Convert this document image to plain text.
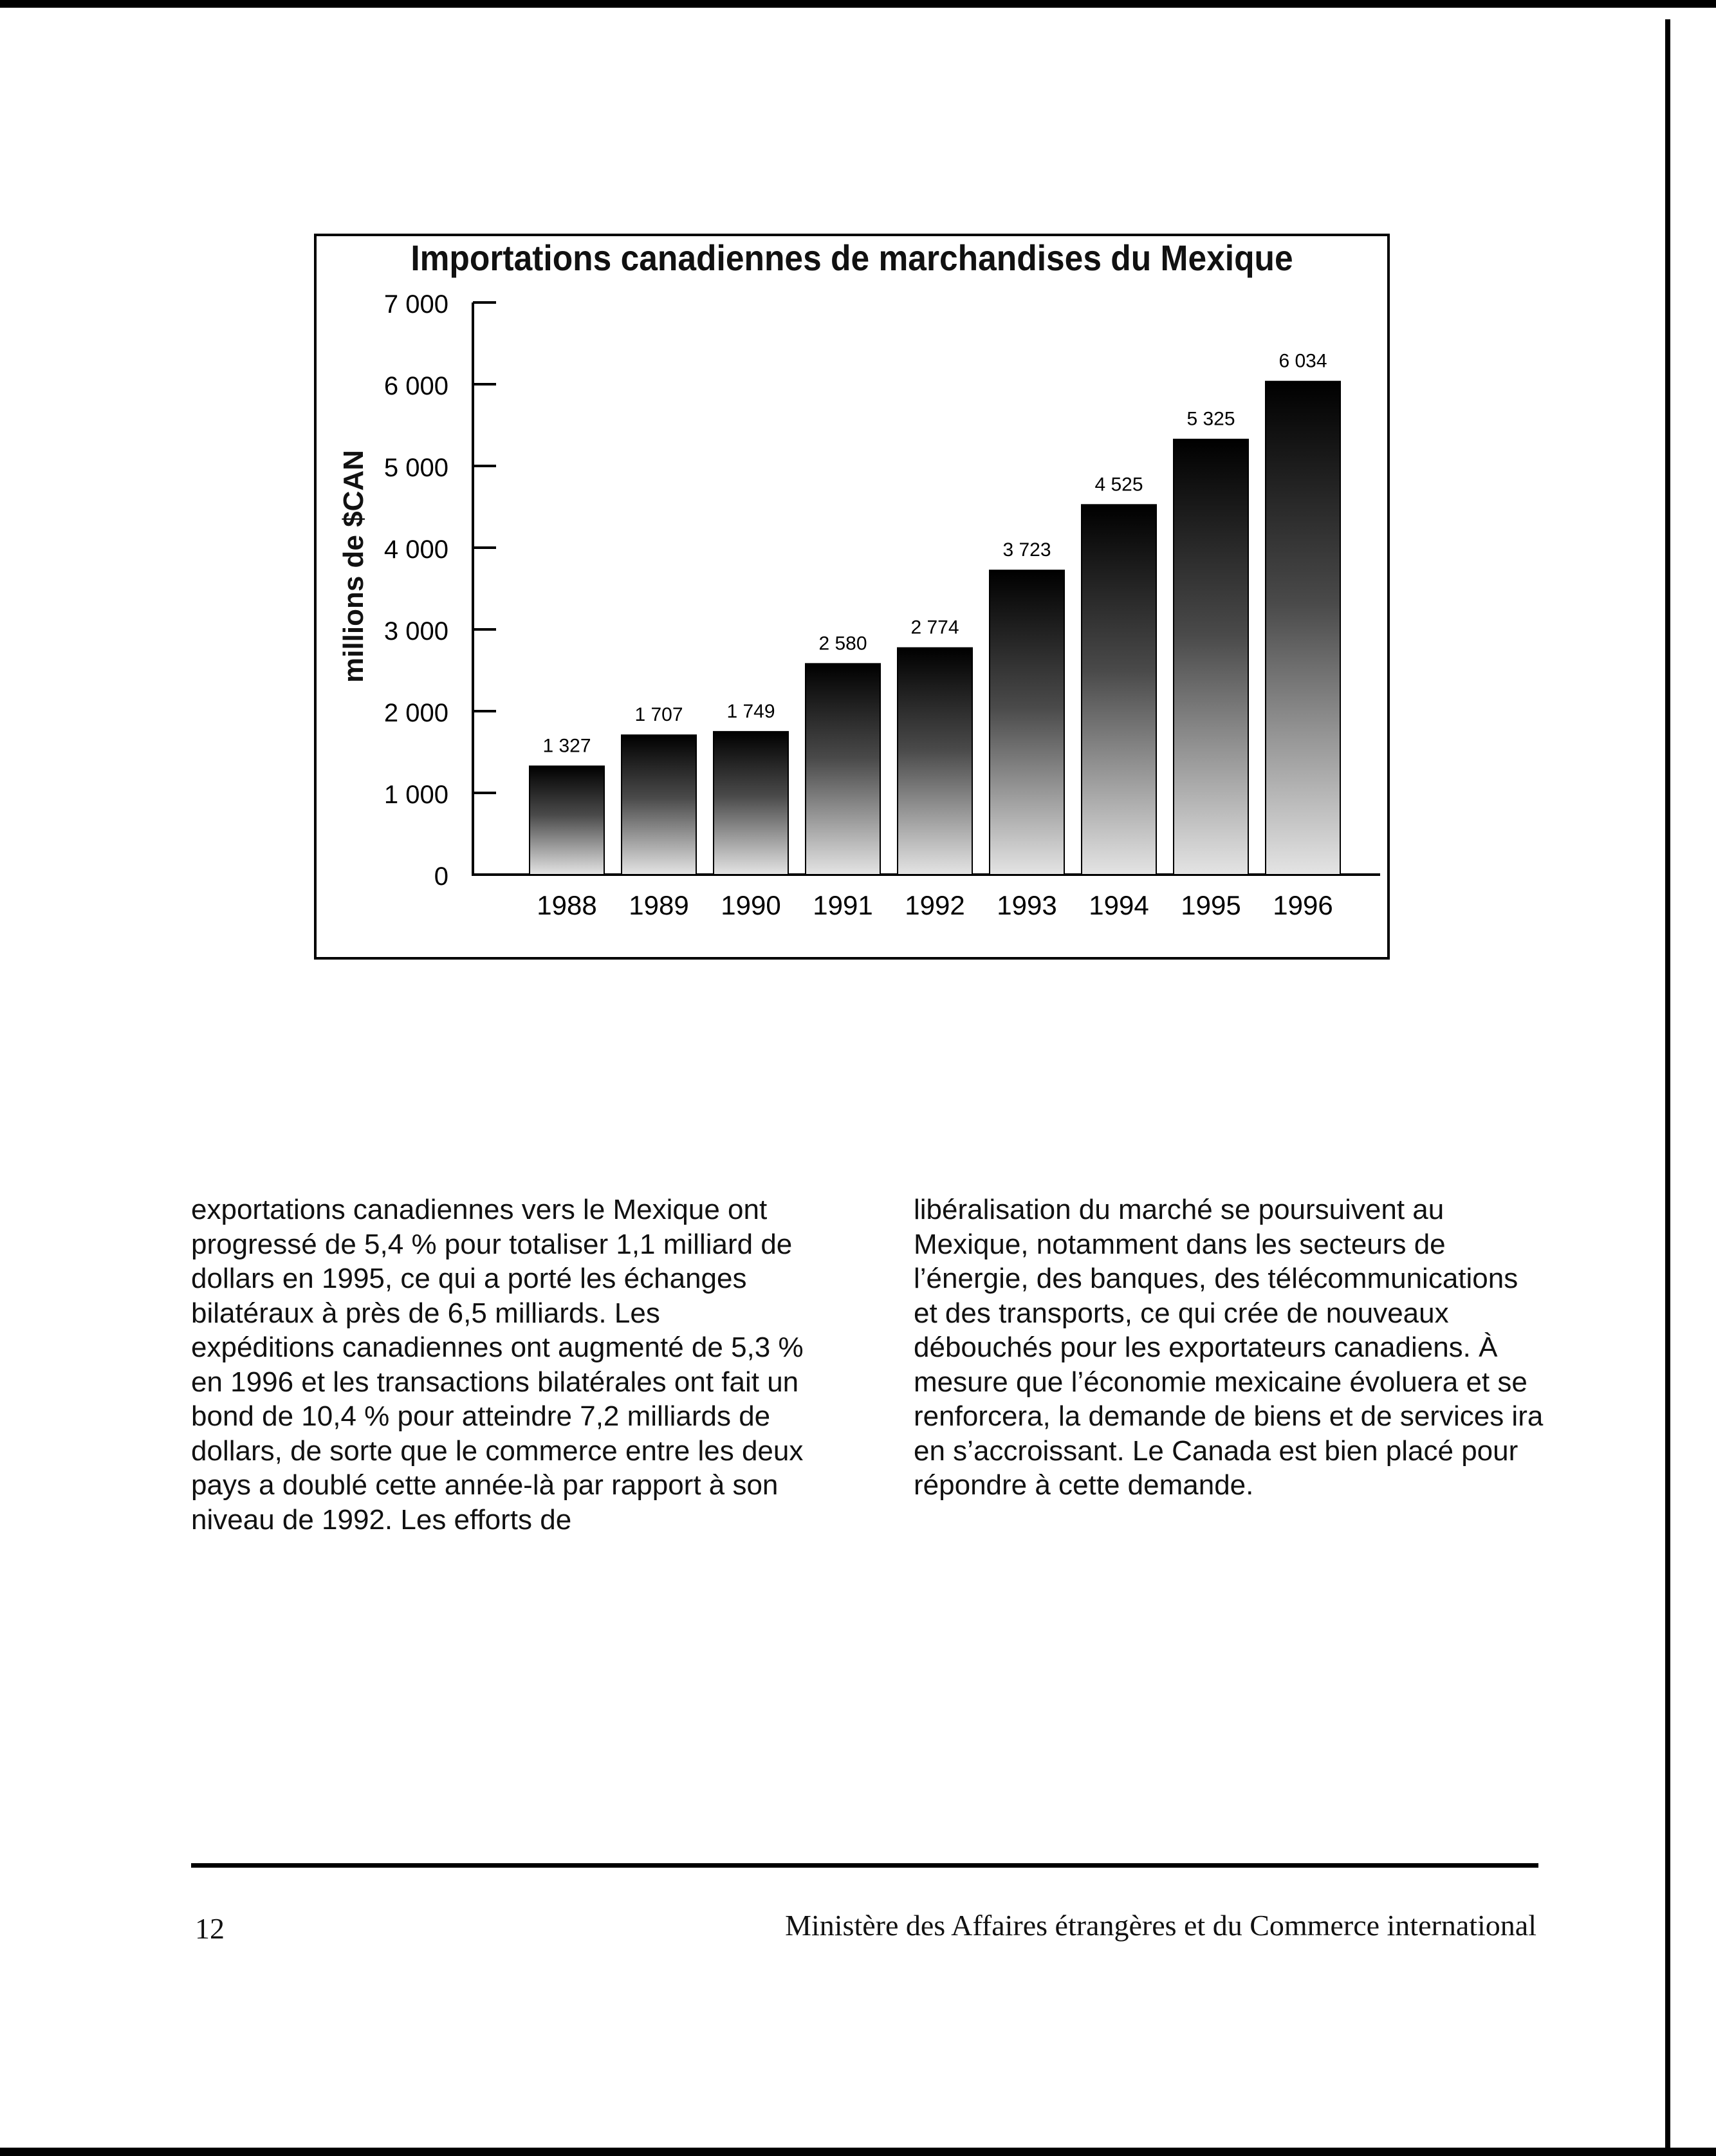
Importations canadiennes de marchandises du Mexique
0
1 000
2 000
3 000
4 000
5 000
6 000
7 000
1 327
1988
1 707
1989
1 749
1990
2 580
1991
2 774
1992
3 723
1993
4 525
1994
5 325
1995
6 034
1996
millions de $CAN

exportations canadiennes vers le Mexique ont progressé de 5,4 % pour totaliser 1,1 milliard de dollars en 1995, ce qui a porté les échanges bilatéraux à près de 6,5 milliards. Les expéditions canadiennes ont augmenté de 5,3 % en 1996 et les transactions bilatérales ont fait un bond de 10,4 % pour atteindre 7,2 milliards de dollars, de sorte que le commerce entre les deux pays a doublé cette année-là par rapport à son niveau de 1992. Les efforts de

libéralisation du marché se poursuivent au Mexique, notamment dans les secteurs de l’énergie, des banques, des télécommunications et des transports, ce qui crée de nouveaux débouchés pour les exportateurs canadiens. À mesure que l’économie mexicaine évoluera et se renforcera, la demande de biens et de services ira en s’accroissant. Le Canada est bien placé pour répondre à cette demande.

12	Ministère des Affaires étrangères et du Commerce international
